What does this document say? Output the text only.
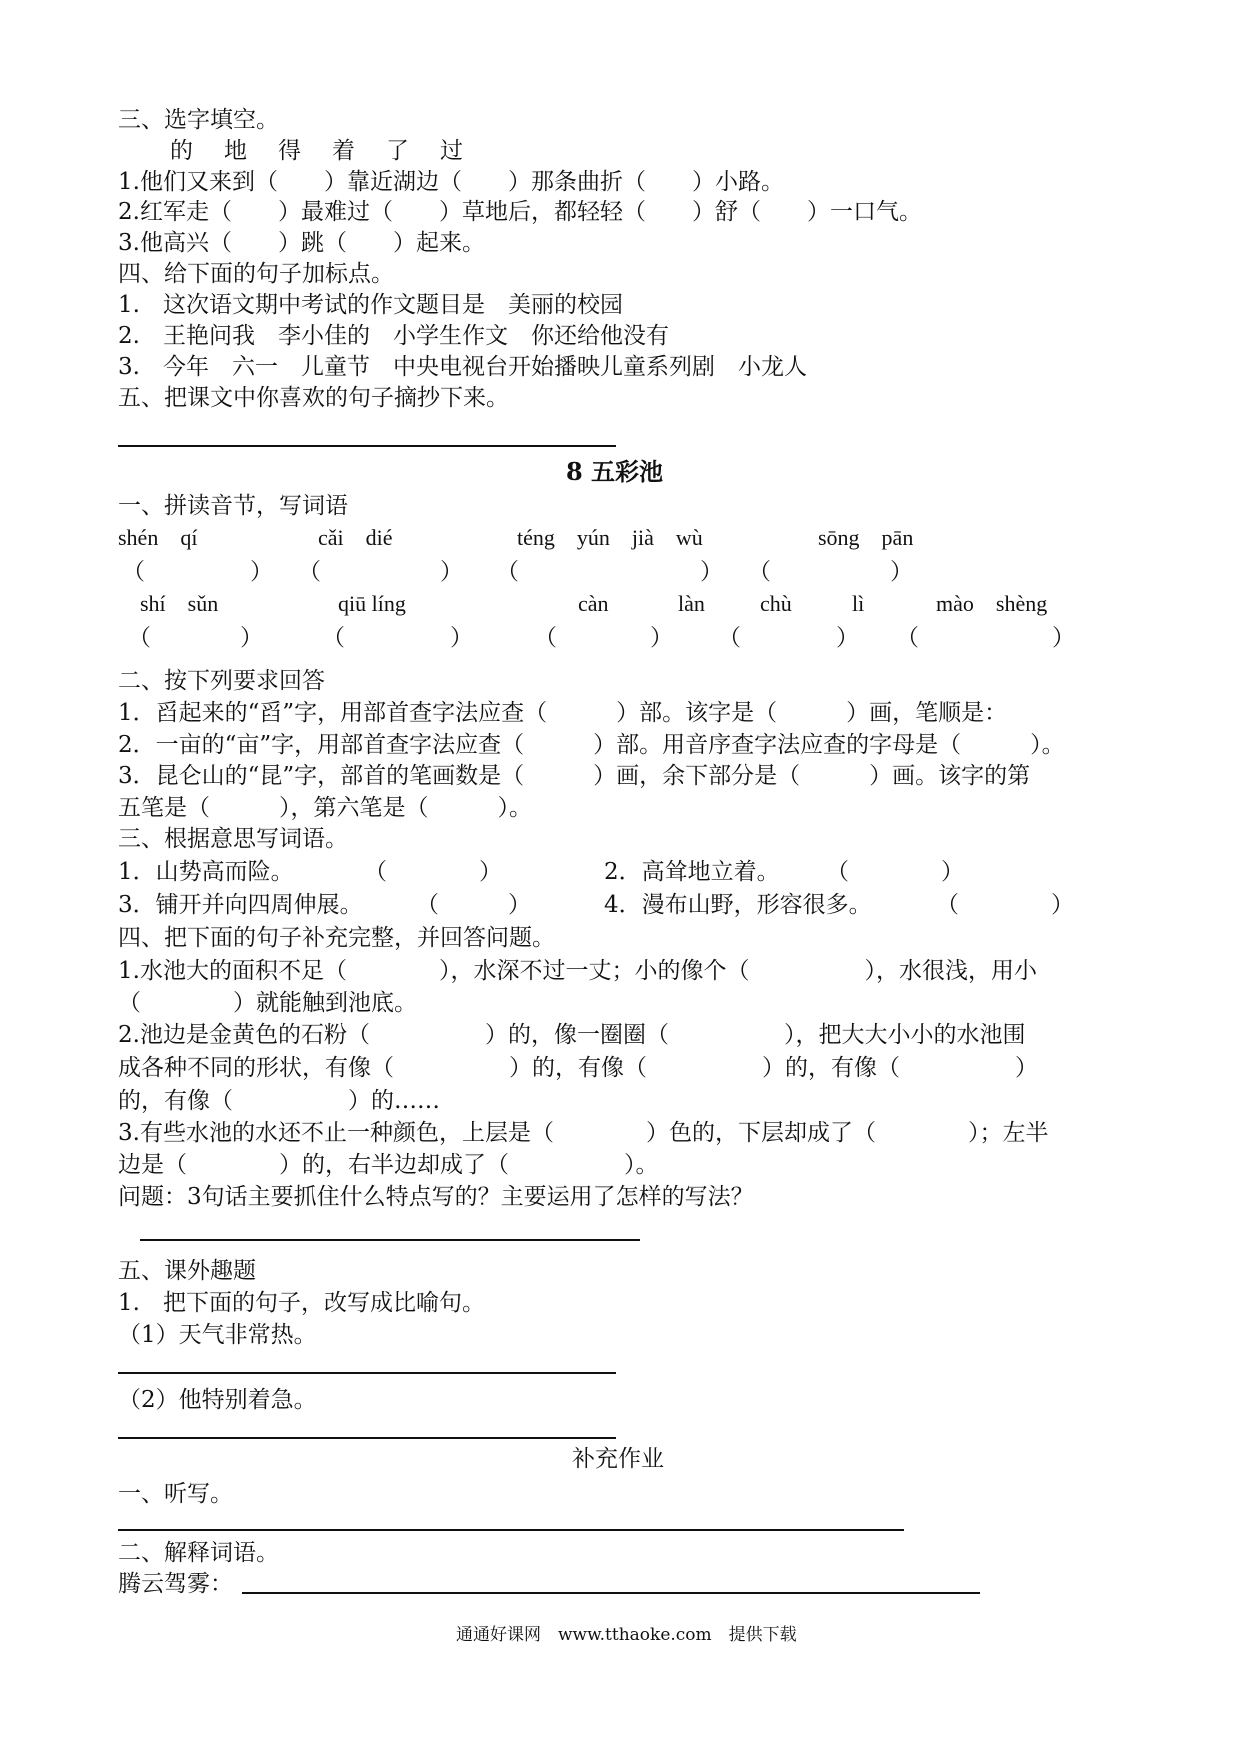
三、选字填空。
的　地　得　着　了　过
1.他们又来到（　　）靠近湖边（　　）那条曲折（　　）小路。
2.红军走（　　）最难过（　　）草地后，都轻轻（　　）舒（　　）一口气。
3.他高兴（　　）跳（　　）起来。
四、给下面的句子加标点。
1.　这次语文期中考试的作文题目是　美丽的校园
2.　王艳问我　李小佳的　小学生作文　你还给他没有
3.　今年　六一　儿童节　中央电视台开始播映儿童系列剧　小龙人
五、把课文中你喜欢的句子摘抄下来。
8 五彩池
一、拼读音节，写词语
shén　qí	cǎi　dié	téng　yún　jià　wù	sōng　pān
（	） （	） （	） （	）
shí　sǔn	qiū líng	càn	làn	chù	lì	mào　shèng
（	）	（	）	（	） （	） （	）
二、按下列要求回答
1．舀起来的“舀”字，用部首查字法应查（　　　）部。该字是（　　　）画，笔顺是：
2．一亩的“亩”字，用部首查字法应查（　　　）部。用音序查字法应查的字母是（　　　）。
3．昆仑山的“昆”字，部首的笔画数是（　　　）画，余下部分是（　　　）画。该字的第
五笔是（　　　），第六笔是（　　　）。
三、根据意思写词语。
1．山势高而险。	（　　　　）	2．高耸地立着。 （　　　　）
3．铺开并向四周伸展。 （　　　）	4．漫布山野，形容很多。	（　　　　）
四、把下面的句子补充完整，并回答问题。
1.水池大的面积不足（　　　　），水深不过一丈；小的像个（　　　　　），水很浅，用小
（　　　　）就能触到池底。
2.池边是金黄色的石粉（　　　　　）的，像一圈圈（　　　　　），把大大小小的水池围
成各种不同的形状，有像（　　　　　）的，有像（　　　　　）的，有像（　　　　　）
的，有像（　　　　　）的……
3.有些水池的水还不止一种颜色，上层是（　　　　）色的，下层却成了（　　　　）；左半
边是（　　　　）的，右半边却成了（　　　　　）。
问题：3句话主要抓住什么特点写的？主要运用了怎样的写法？
五、课外趣题
1.　把下面的句子，改写成比喻句。
（1）天气非常热。
（2）他特别着急。
补充作业
一、听写。
二、解释词语。
腾云驾雾：
通通好课网　www.tthaoke.com　提供下载
